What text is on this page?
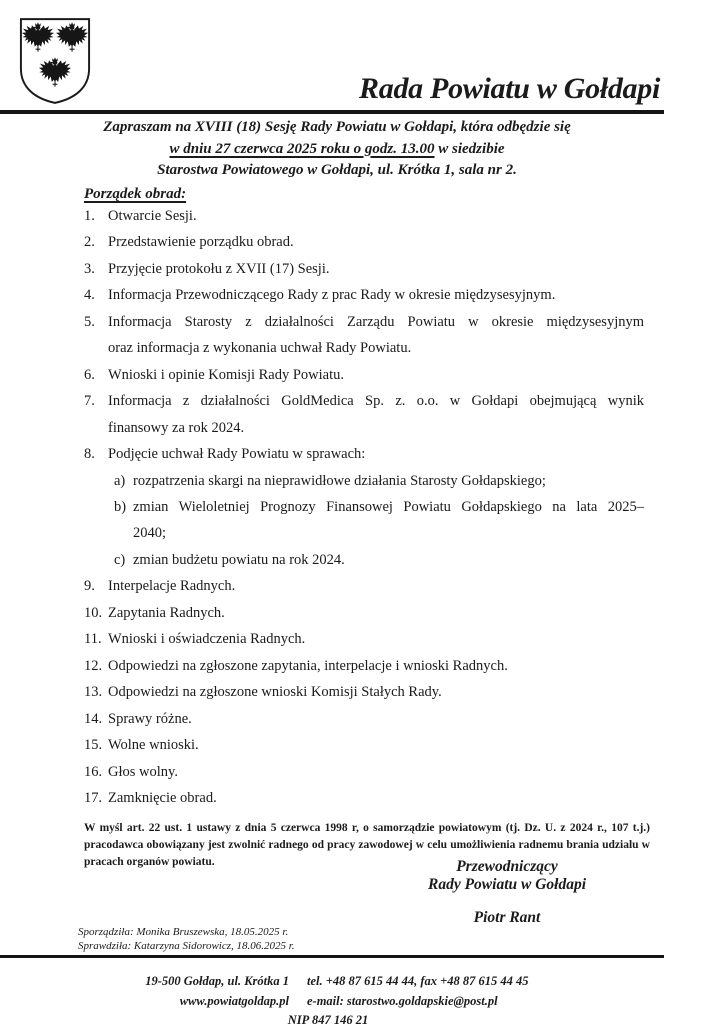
Rada Powiatu w Gołdapi
Zapraszam na XVIII (18) Sesję Rady Powiatu w Gołdapi, która odbędzie się
w dniu 27 czerwca 2025 roku o godz. 13.00 w siedzibie
Starostwa Powiatowego w Gołdapi, ul. Krótka 1, sala nr 2.
Porządek obrad:
1. Otwarcie Sesji.
2. Przedstawienie porządku obrad.
3. Przyjęcie protokołu z XVII (17) Sesji.
4. Informacja Przewodniczącego Rady z prac Rady w okresie międzysesyjnym.
5. Informacja Starosty z działalności Zarządu Powiatu w okresie międzysesyjnym
oraz informacja z wykonania uchwał Rady Powiatu.
6. Wnioski i opinie Komisji Rady Powiatu.
7. Informacja z działalności GoldMedica Sp. z. o.o. w Gołdapi obejmującą wynik
finansowy za rok 2024.
8. Podjęcie uchwał Rady Powiatu w sprawach:
a) rozpatrzenia skargi na nieprawidłowe działania Starosty Gołdapskiego;
b) zmian Wieloletniej Prognozy Finansowej Powiatu Gołdapskiego na lata 2025–
2040;
c) zmian budżetu powiatu na rok 2024.
9. Interpelacje Radnych.
10. Zapytania Radnych.
11. Wnioski i oświadczenia Radnych.
12. Odpowiedzi na zgłoszone zapytania, interpelacje i wnioski Radnych.
13. Odpowiedzi na zgłoszone wnioski Komisji Stałych Rady.
14. Sprawy różne.
15. Wolne wnioski.
16. Głos wolny.
17. Zamknięcie obrad.
W myśl art. 22 ust. 1 ustawy z dnia 5 czerwca 1998 r, o samorządzie powiatowym (tj. Dz. U. z 2024 r., 107 t.j.) pracodawca obowiązany jest zwolnić radnego od pracy zawodowej w celu umożliwienia radnemu brania udzialu w pracach organów powiatu.	Przewodniczący
Rady Powiatu w Gołdapi
Piotr Rant
Sporządziła: Monika Bruszewska, 18.05.2025 r.
Sprawdziła: Katarzyna Sidorowicz, 18.06.2025 r.
19-500 Gołdap, ul. Krótka 1
www.powiatgoldap.pl
tel. +48 87 615 44 44, fax +48 87 615 44 45
e-mail: starostwo.goldapskie@post.pl
NIP 847 146 21
